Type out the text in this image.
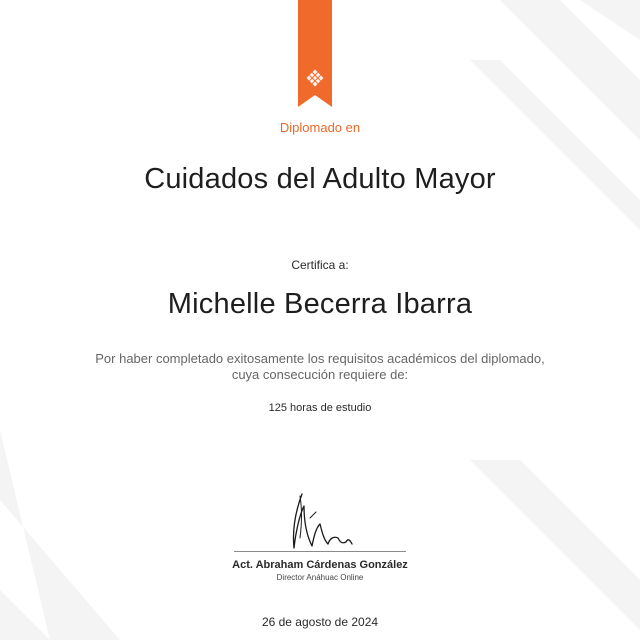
Diplomado en
Cuidados del Adulto Mayor
Certifica a:
Michelle Becerra Ibarra
Por haber completado exitosamente los requisitos académicos del diplomado,
cuya consecución requiere de:
125 horas de estudio
Act. Abraham Cárdenas González
Director Anáhuac Online
26 de agosto de 2024
